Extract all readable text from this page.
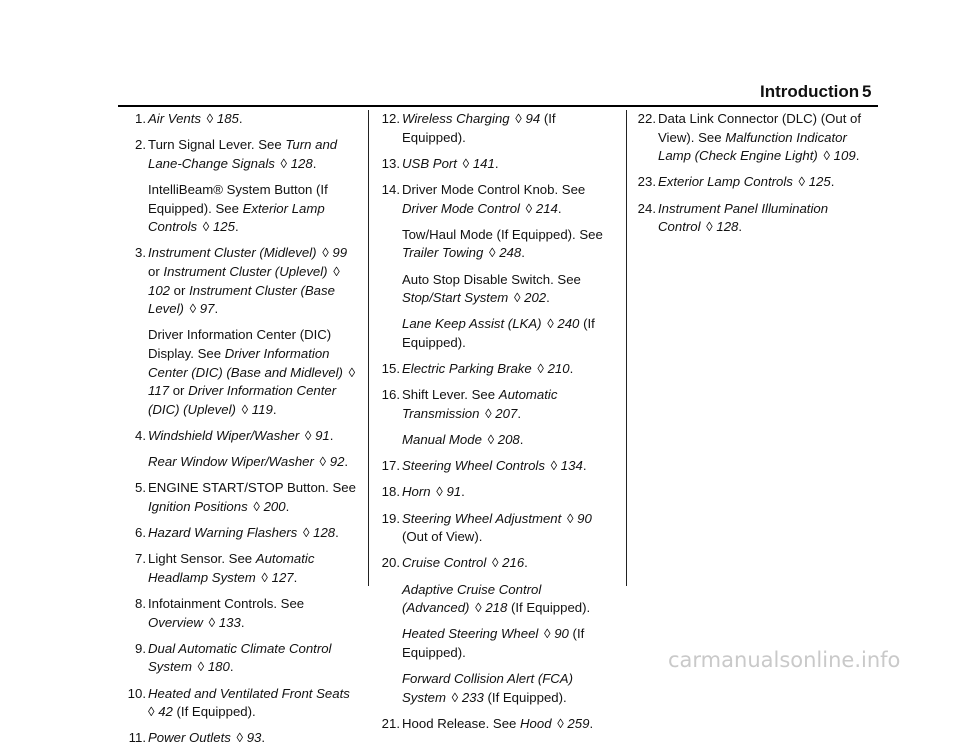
Introduction 5
1. Air Vents ◊ 185.
2. Turn Signal Lever. See Turn and Lane-Change Signals ◊ 128.
IntelliBeam® System Button (If Equipped). See Exterior Lamp Controls ◊ 125.
3. Instrument Cluster (Midlevel) ◊ 99 or Instrument Cluster (Uplevel) ◊ 102 or Instrument Cluster (Base Level) ◊ 97.
Driver Information Center (DIC) Display. See Driver Information Center (DIC) (Base and Midlevel) ◊ 117 or Driver Information Center (DIC) (Uplevel) ◊ 119.
4. Windshield Wiper/Washer ◊ 91.
Rear Window Wiper/Washer ◊ 92.
5. ENGINE START/STOP Button. See Ignition Positions ◊ 200.
6. Hazard Warning Flashers ◊ 128.
7. Light Sensor. See Automatic Headlamp System ◊ 127.
8. Infotainment Controls. See Overview ◊ 133.
9. Dual Automatic Climate Control System ◊ 180.
10. Heated and Ventilated Front Seats ◊ 42 (If Equipped).
11. Power Outlets ◊ 93.
12. Wireless Charging ◊ 94 (If Equipped).
13. USB Port ◊ 141.
14. Driver Mode Control Knob. See Driver Mode Control ◊ 214.
Tow/Haul Mode (If Equipped). See Trailer Towing ◊ 248.
Auto Stop Disable Switch. See Stop/Start System ◊ 202.
Lane Keep Assist (LKA) ◊ 240 (If Equipped).
15. Electric Parking Brake ◊ 210.
16. Shift Lever. See Automatic Transmission ◊ 207.
Manual Mode ◊ 208.
17. Steering Wheel Controls ◊ 134.
18. Horn ◊ 91.
19. Steering Wheel Adjustment ◊ 90 (Out of View).
20. Cruise Control ◊ 216.
Adaptive Cruise Control (Advanced) ◊ 218 (If Equipped).
Heated Steering Wheel ◊ 90 (If Equipped).
Forward Collision Alert (FCA) System ◊ 233 (If Equipped).
21. Hood Release. See Hood ◊ 259.
22. Data Link Connector (DLC) (Out of View). See Malfunction Indicator Lamp (Check Engine Light) ◊ 109.
23. Exterior Lamp Controls ◊ 125.
24. Instrument Panel Illumination Control ◊ 128.
carmanualsonline.info
